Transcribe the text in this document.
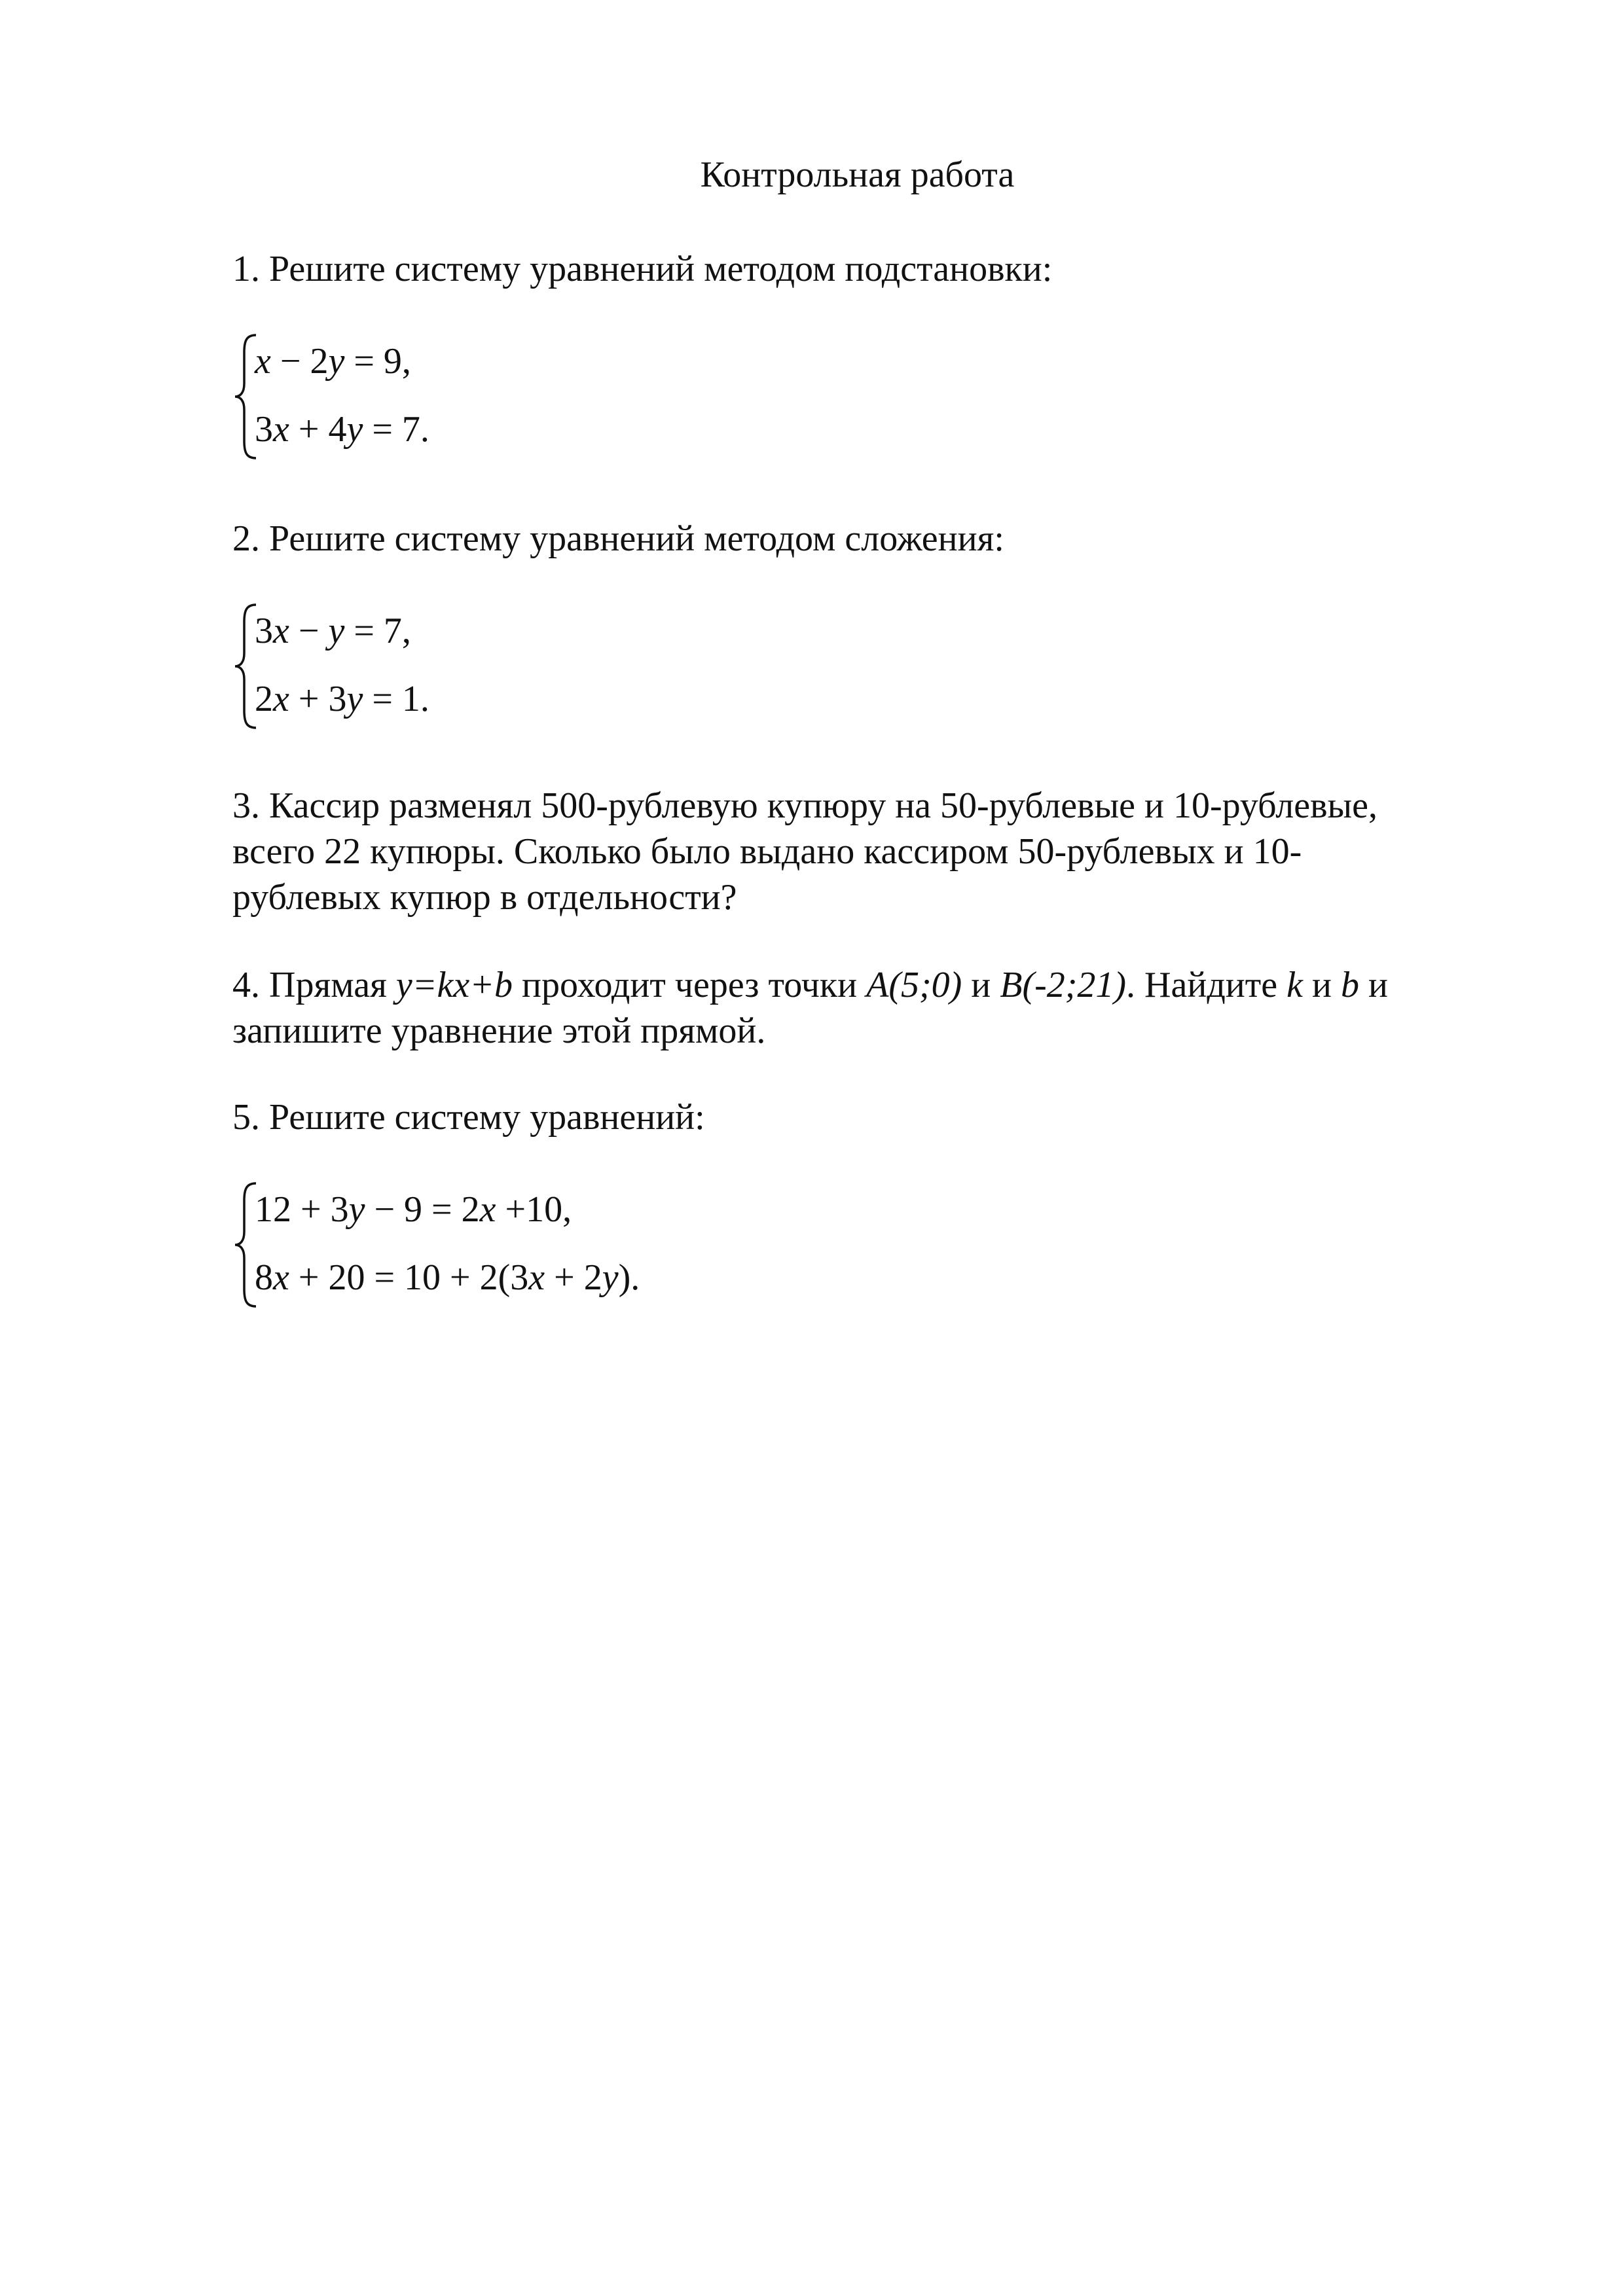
Контрольная работа
1. Решите систему уравнений методом подстановки:
x − 2y = 9,
3x + 4y = 7.
2. Решите систему уравнений методом сложения:
3x − y = 7,
2x + 3y = 1.
3. Кассир разменял 500-рублевую купюру на 50-рублевые и 10-рублевые,
всего 22 купюры. Сколько было выдано кассиром 50-рублевых и 10-
рублевых купюр в отдельности?
4. Прямая y=kx+b проходит через точки A(5;0) и B(-2;21). Найдите k и b и
запишите уравнение этой прямой.
5. Решите систему уравнений:
12 + 3y − 9 = 2x +10,
8x + 20 = 10 + 2(3x + 2y).
